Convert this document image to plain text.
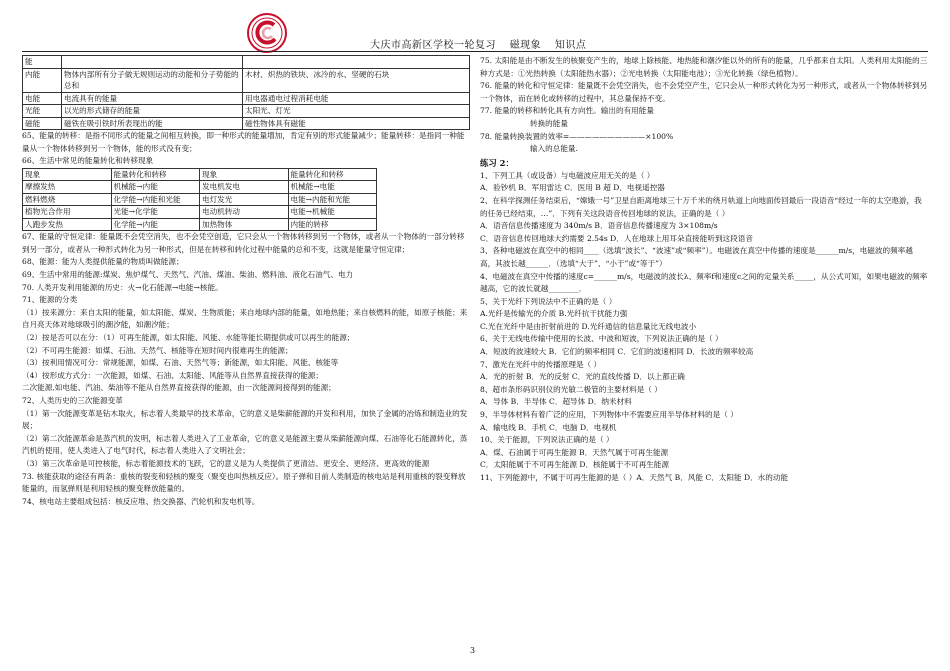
大庆市高新区学校一轮复习 磁现象 知识点
能		
内能	物体内部所有分子做无规则运动的动能和分子势能的总和	木材、炽热的铁块、冰冷的水、坚硬的石块
电能	电流具有的能量	用电器通电过程消耗电能
光能	以光的形式储存的能量	太阳光、灯光
磁能	磁铁在吸引铁时所表现出的能	磁性物体具有磁能

65、能量的转移：是指不同形式的能量之间相互转换，即一种形式的能量增加，肯定有别的形式能量减少；能量转移：是指同一种能量从一个物体转移到另一个物体，能的形式没有变；

66、生活中常见的能量转化和转移现象

现象	能量转化和转移	现象	能量转化和转移
摩擦发热	机械能→内能	发电机发电	机械能→电能
燃料燃烧	化学能→内能和光能	电灯发光	电能→内能和光能
植物光合作用	光能→化学能	电动机转动	电能→机械能
人跑步发热	化学能→内能	加热物体	内能的转移

67、能量的守恒定律：能量既不会凭空消失，也不会凭空创造，它只会从一个物体转移到另一个物体，或者从一个物体的一部分转移到另一部分，或者从一种形式转化为另一种形式，但是在转移和转化过程中能量的总和不变，这就是能量守恒定律；

68、能源：能为人类提供能量的物质叫做能源；

69、生活中常用的能源:煤炭、焦炉煤气、天然气、汽油、煤油、柴油、燃料油、液化石油气、电力

70. 人类开发利用能源的历史：火→化石能源→电能→核能。

71、能源的分类

（1）按来源分：来自太阳的能量，如太阳能、煤炭、生物质能；来自地球内部的能量，如地热能；来自核燃料的能，如原子核能；来自月亮天体对地球吸引的潮汐能，如潮汐能；

（2）按是否可以在分：（1）可再生能源，如太阳能、风能、水能等能长期提供或可以再生的能源；

（2）不可再生能源：如煤、石油、天然气、核能等在短时间内很难再生的能源；

（3）按利用情况可分：常规能源，如煤、石油、天然气等；新能源，如太阳能、风能、核能等

（4）按形成方式分：一次能源，如煤、石油、太阳能、风能等从自然界直接获得的能源；

二次能源,如电能、汽油、柴油等不能从自然界直接获得的能源，由一次能源间接得到的能源；

72、人类历史的三次能源变革

（1）第一次能源变革是钻木取火，标志着人类最早的技术革命，它的意义是柴薪能源的开发和利用，加快了金属的冶炼和制造业的发展；

（2）第二次能源革命是蒸汽机的发明，标志着人类进入了工业革命，它的意义是能源主要从柴薪能源向煤、石油等化石能源转化，蒸汽机的使用，使人类进入了电气时代，标志着人类进入了文明社会；

（3）第三次革命是可控核能，标志着能源技术的飞跃，它的意义是为人类提供了更清洁、更安全、更经济、更高效的能源

73. 核能获取的途径有两条：重核的裂变和轻核的聚变（聚变也叫热核反应）。原子弹和目前人类制造的核电站是利用重核的裂变释放能量的，而氢弹则是利用轻核的聚变释放能量的。

74、核电站主要组成包括：核反应堆、热交换器、汽轮机和发电机等。

75. 太阳能是由不断发生的核聚变产生的，地球上除核能、地热能和潮汐能以外的所有的能量，几乎都来自太阳。人类利用太阳能的三种方式是：①光热转换（太阳能热水器）；②光电转换（太阳能电池）；③光化转换（绿色植物）。

76. 能量的转化和守恒定律：能量既不会凭空消失，也不会凭空产生，它只会从一种形式转化为另一种形式，或者从一个物体转移到另一个物体，而在转化或转移的过程中，其总量保持不变。

77. 能量的转移和转化具有方向性。输出的有用能量

转换的能量

78. 能量转换装置的效率=——————————×100%

输入的总能量.

练习 2：

1、下列工具（或设备）与电磁波应用无关的是（ ）

A．验钞机 B．军用雷达 C．医用 B 超 D．电视遥控器

2、在科学探测任务结束后，“嫦娥一号”卫星自距离地球三十万千米的绕月轨道上向地面传回最后一段语音“经过一年的太空遨游，我的任务已经结束，…”．下列有关这段语音传回地球的说法，正确的是（ ）

A．语音信息传播速度为 340m/s B．语音信息传播速度为 3×108m/s

C．语音信息传回地球大约需要 2.54s D．人在地球上用耳朵直接能听到这段语音

3、各种电磁波在真空中的相同____（选填“波长”、“波速”或“频率”）。电磁波在真空中传播的速度是______m/s，电磁波的频率越高，其波长越______．（选填“大于”、“小于”或“等于”）

4、电磁波在真空中传播的速度c=______m/s，电磁波的波长λ、频率f和速度c之间的定量关系_____，从公式可知，如果电磁波的频率越高，它的波长就越________．

5、关于光纤下列说法中不正确的是（ ）

A.光纤是传输光的介质 B.光纤抗干扰能力强

C.光在光纤中是由折射前进的 D.光纤通信的信息量比无线电波小

6、关于无线电传输中使用的长波、中波和短波，下列说法正确的是（ ）

A．短波的波速较大 B．它们的频率相同 C．它们的波速相同 D．长波的频率较高

7、激光在光纤中的传播原理是（ ）

A．光的折射 B．光的反射 C．光的直线传播 D．以上都正确

8、超市条形码识别仪的光敏二极管的主要材料是（ ）

A．导体 B．半导体 C．超导体 D．纳米材料

9、半导体材料有着广泛的应用，下列物体中不需要应用半导体材料的是（ ）

A．输电线 B．手机 C．电脑 D．电视机

10、关于能源，下列说法正确的是（ ）

A．煤、石油属于可再生能源 B．天然气属于可再生能源

C．太阳能属于不可再生能源 D．核能属于不可再生能源

11、下列能源中，不属于可再生能源的是（ ）A．天然气 B．风能 C．太阳能 D．水的动能

3
